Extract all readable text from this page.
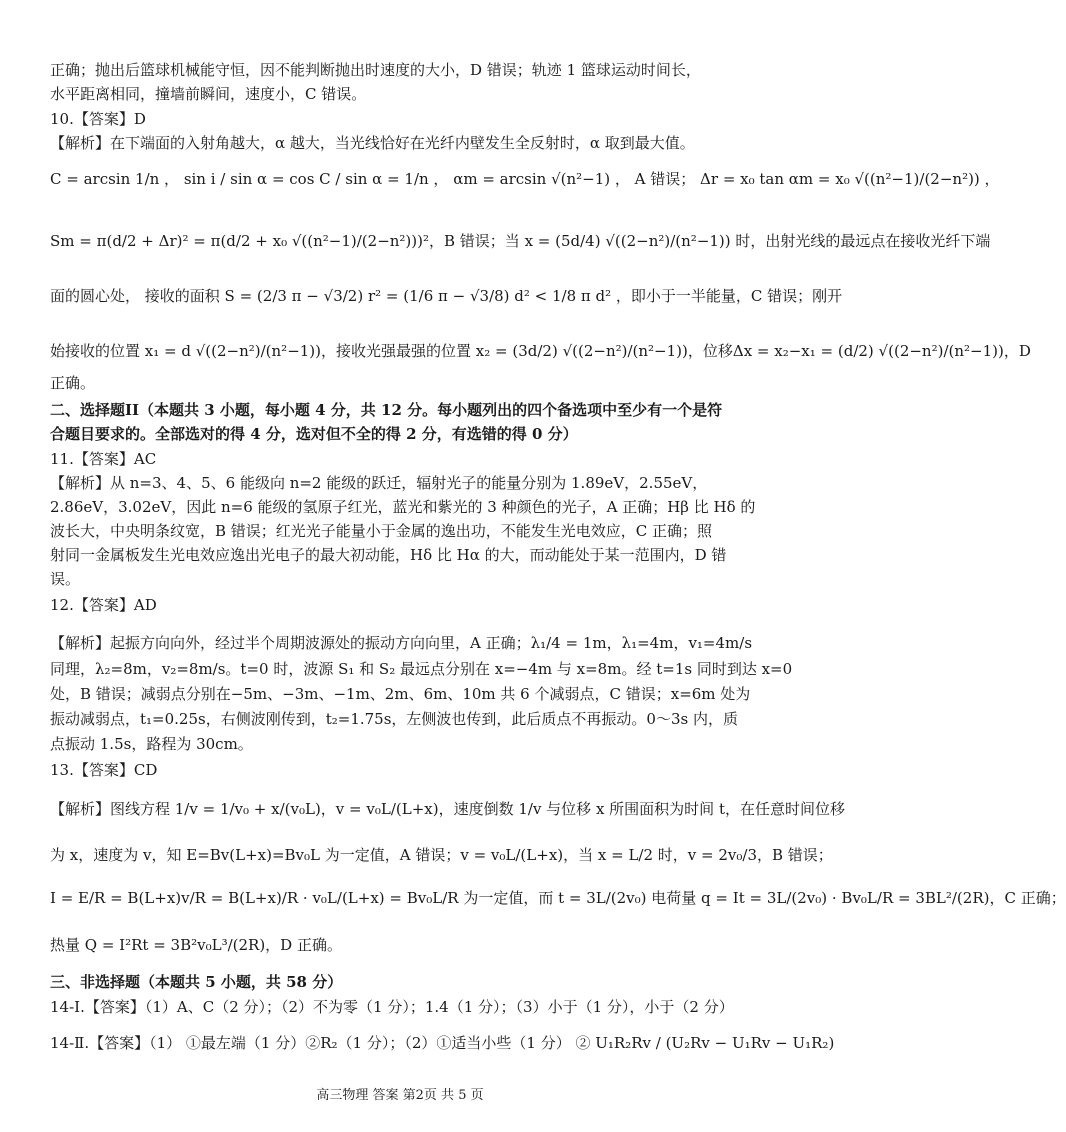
正确；抛出后篮球机械能守恒，因不能判断抛出时速度的大小，D 错误；轨迹 1 篮球运动时间长，
水平距离相同，撞墙前瞬间，速度小，C 错误。
10.【答案】D
【解析】在下端面的入射角越大，α 越大，当光线恰好在光纤内壁发生全反射时，α 取到最大值。
C = arcsin 1/n ， sin i / sin α = cos C / sin α = 1/n ， αm = arcsin √(n²−1) ， A 错误； Δr = x₀ tan αm = x₀ √((n²−1)/(2−n²)) ，
Sm = π(d/2 + Δr)² = π(d/2 + x₀ √((n²−1)/(2−n²)))²，B 错误；当 x = (5d/4) √((2−n²)/(n²−1)) 时，出射光线的最远点在接收光纤下端
面的圆心处， 接收的面积 S = (2/3 π − √3/2) r² = (1/6 π − √3/8) d² < 1/8 π d² ，即小于一半能量，C 错误；刚开
始接收的位置 x₁ = d √((2−n²)/(n²−1))，接收光强最强的位置 x₂ = (3d/2) √((2−n²)/(n²−1))，位移Δx = x₂−x₁ = (d/2) √((2−n²)/(n²−1))，D
正确。
二、选择题II（本题共 3 小题，每小题 4 分，共 12 分。每小题列出的四个备选项中至少有一个是符
合题目要求的。全部选对的得 4 分，选对但不全的得 2 分，有选错的得 0 分）
11.【答案】AC
【解析】从 n=3、4、5、6 能级向 n=2 能级的跃迁，辐射光子的能量分别为 1.89eV，2.55eV，
2.86eV，3.02eV，因此 n=6 能级的氢原子红光，蓝光和紫光的 3 种颜色的光子，A 正确；Hβ 比 Hδ 的
波长大，中央明条纹宽，B 错误；红光光子能量小于金属的逸出功，不能发生光电效应，C 正确；照
射同一金属板发生光电效应逸出光电子的最大初动能，Hδ 比 Hα 的大，而动能处于某一范围内，D 错
误。
12.【答案】AD
【解析】起振方向向外，经过半个周期波源处的振动方向向里，A 正确；λ₁/4 = 1m，λ₁=4m，v₁=4m/s
同理，λ₂=8m，v₂=8m/s。t=0 时，波源 S₁ 和 S₂ 最远点分别在 x=−4m 与 x=8m。经 t=1s 同时到达 x=0
处，B 错误；减弱点分别在−5m、−3m、−1m、2m、6m、10m 共 6 个减弱点，C 错误；x=6m 处为
振动减弱点，t₁=0.25s，右侧波刚传到，t₂=1.75s，左侧波也传到，此后质点不再振动。0～3s 内，质
点振动 1.5s，路程为 30cm。
13.【答案】CD
【解析】图线方程 1/v = 1/v₀ + x/(v₀L)，v = v₀L/(L+x)，速度倒数 1/v 与位移 x 所围面积为时间 t，在任意时间位移
为 x，速度为 v，知 E=Bv(L+x)=Bv₀L 为一定值，A 错误；v = v₀L/(L+x)，当 x = L/2 时，v = 2v₀/3，B 错误；
I = E/R = B(L+x)v/R = B(L+x)/R · v₀L/(L+x) = Bv₀L/R 为一定值，而 t = 3L/(2v₀) 电荷量 q = It = 3L/(2v₀) · Bv₀L/R = 3BL²/(2R)，C 正确；
热量 Q = I²Rt = 3B²v₀L³/(2R)，D 正确。
三、非选择题（本题共 5 小题，共 58 分）
14-Ⅰ.【答案】（1）A、C（2 分）；（2）不为零（1 分）；1.4（1 分）；（3）小于（1 分），小于（2 分）
14-Ⅱ.【答案】（1） ①最左端（1 分）②R₂（1 分）；（2）①适当小些（1 分） ② U₁R₂Rv / (U₂Rv − U₁Rv − U₁R₂)
高三物理 答案 第2页 共 5 页
